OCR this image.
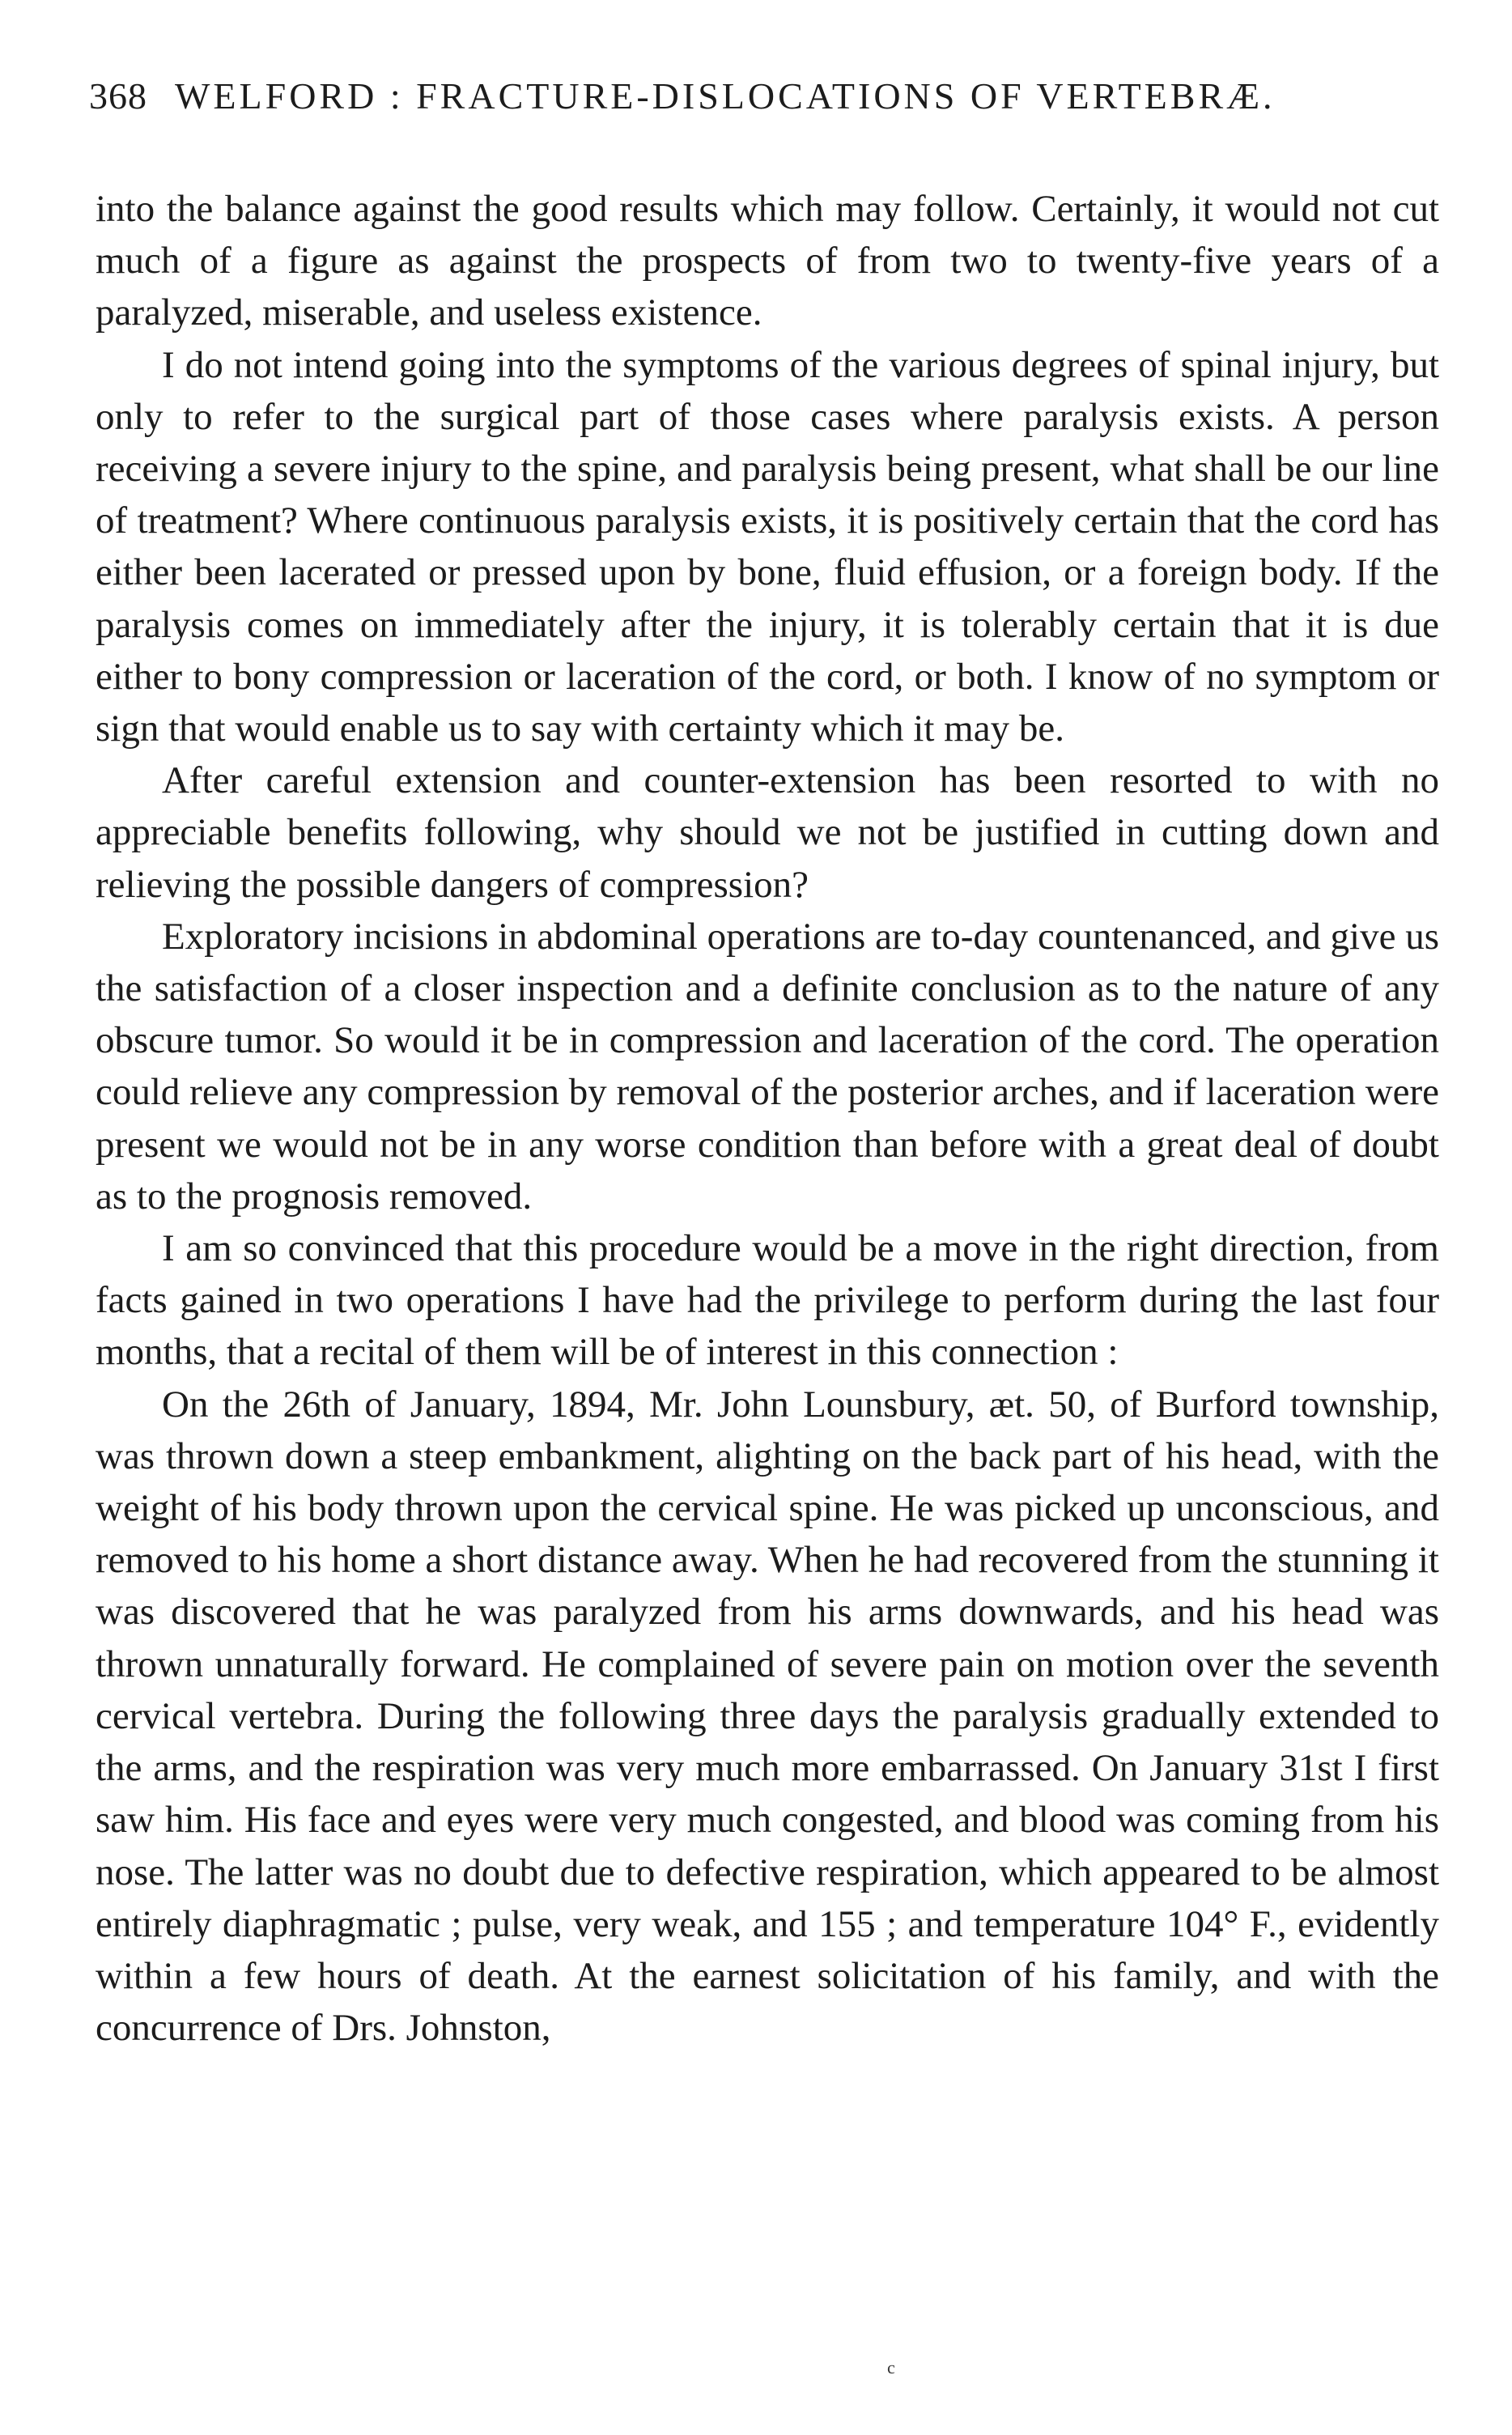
368 WELFORD : FRACTURE-DISLOCATIONS OF VERTEBRÆ.

into the balance against the good results which may follow. Certainly, it would not cut much of a figure as against the prospects of from two to twenty-five years of a paralyzed, miserable, and useless existence.

I do not intend going into the symptoms of the various degrees of spinal injury, but only to refer to the surgical part of those cases where paralysis exists. A person receiving a severe injury to the spine, and paralysis being present, what shall be our line of treatment? Where continuous paralysis exists, it is positively certain that the cord has either been lacerated or pressed upon by bone, fluid effusion, or a foreign body. If the paralysis comes on immediately after the injury, it is tolerably certain that it is due either to bony compression or laceration of the cord, or both. I know of no symptom or sign that would enable us to say with certainty which it may be.

After careful extension and counter-extension has been resorted to with no appreciable benefits following, why should we not be justified in cutting down and relieving the possible dangers of compression?

Exploratory incisions in abdominal operations are to-day countenanced, and give us the satisfaction of a closer inspection and a definite conclusion as to the nature of any obscure tumor. So would it be in compression and laceration of the cord. The operation could relieve any compression by removal of the posterior arches, and if laceration were present we would not be in any worse condition than before with a great deal of doubt as to the prognosis removed.

I am so convinced that this procedure would be a move in the right direction, from facts gained in two operations I have had the privilege to perform during the last four months, that a recital of them will be of interest in this connection :

On the 26th of January, 1894, Mr. John Lounsbury, æt. 50, of Burford township, was thrown down a steep embankment, alighting on the back part of his head, with the weight of his body thrown upon the cervical spine. He was picked up unconscious, and removed to his home a short distance away. When he had recovered from the stunning it was discovered that he was paralyzed from his arms downwards, and his head was thrown unnaturally forward. He complained of severe pain on motion over the seventh cervical vertebra. During the following three days the paralysis gradually extended to the arms, and the respiration was very much more embarrassed. On January 31st I first saw him. His face and eyes were very much congested, and blood was coming from his nose. The latter was no doubt due to defective respiration, which appeared to be almost entirely diaphragmatic ; pulse, very weak, and 155 ; and temperature 104° F., evidently within a few hours of death. At the earnest solicitation of his family, and with the concurrence of Drs. Johnston,

c
